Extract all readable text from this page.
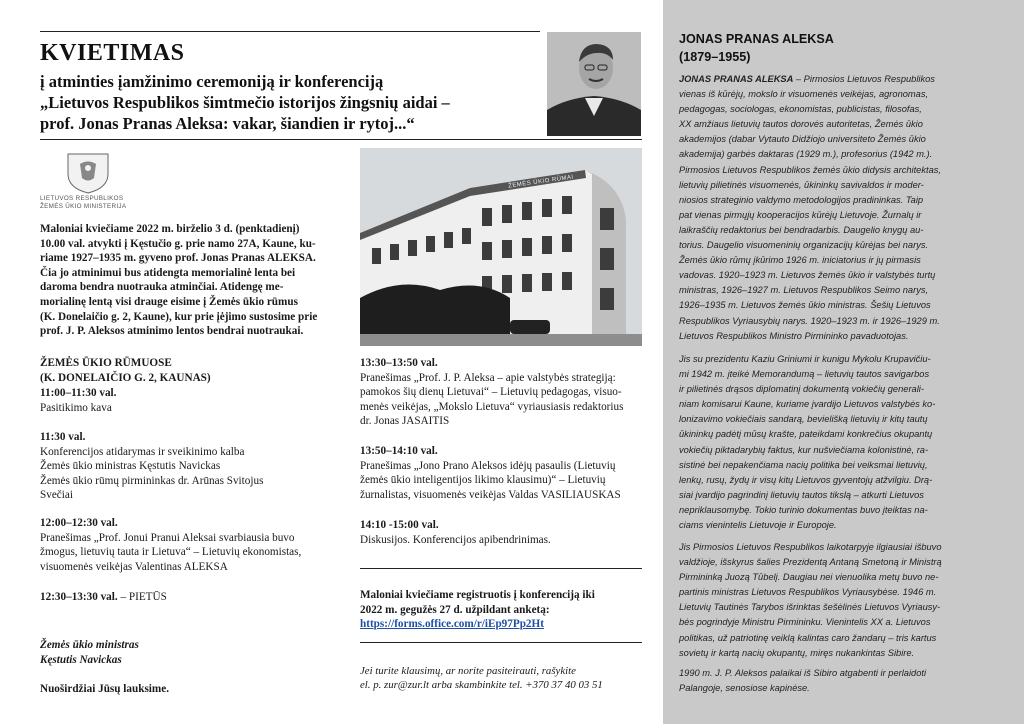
KVIETIMAS
į atminties įamžinimo ceremoniją ir konferenciją
„Lietuvos Respublikos šimtmečio istorijos žingsnių aidai –
prof. Jonas Pranas Aleksa: vakar, šiandien ir rytoj...“
LIETUVOS RESPUBLIKOS
ŽEMĖS ŪKIO MINISTERIJA
ŽEMĖS ŪKIO RŪMAI
Maloniai kviečiame 2022 m. birželio 3 d. (penktadienį)
10.00 val. atvykti į Kęstučio g. prie namo 27A, Kaune, ku-
riame 1927–1935 m. gyveno prof. Jonas Pranas ALEKSA.
Čia jo atminimui bus atidengta memorialinė lenta bei
daroma bendra nuotrauka atminčiai. Atidengę me-
morialinę lentą visi drauge eisime į Žemės ūkio rūmus
(K. Donelaičio g. 2, Kaune), kur prie įėjimo sustosime prie
prof. J. P. Aleksos atminimo lentos bendrai nuotraukai.
ŽEMĖS ŪKIO RŪMUOSE
(K. DONELAIČIO G. 2, KAUNAS)
11:00–11:30 val.
Pasitikimo kava
11:30 val.
Konferencijos atidarymas ir sveikinimo kalba
Žemės ūkio ministras Kęstutis Navickas
Žemės ūkio rūmų pirmininkas dr. Arūnas Svitojus
Svečiai
12:00–12:30 val.
Pranešimas „Prof. Jonui Pranui Aleksai svarbiausia buvo
žmogus, lietuvių tauta ir Lietuva“ – Lietuvių ekonomistas,
visuomenės veikėjas Valentinas ALEKSA
12:30–13:30 val. – PIETŪS
Žemės ūkio ministras
Kęstutis Navickas
Nuoširdžiai Jūsų lauksime.
13:30–13:50 val.
Pranešimas „Prof. J. P. Aleksa – apie valstybės strategiją:
pamokos šių dienų Lietuvai“ – Lietuvių pedagogas, visuo-
menės veikėjas, „Mokslo Lietuva“ vyriausiasis redaktorius
dr. Jonas JASAITIS
13:50–14:10 val.
Pranešimas „Jono Prano Aleksos idėjų pasaulis (Lietuvių
žemės ūkio inteligentijos likimo klausimu)“ – Lietuvių
žurnalistas, visuomenės veikėjas Valdas VASILIAUSKAS
14:10 -15:00 val.
Diskusijos. Konferencijos apibendrinimas.
Maloniai kviečiame registruotis į konferenciją iki
2022 m. gegužės 27 d. užpildant anketą:
https://forms.office.com/r/iEp97Pp2Ht
Jei turite klausimų, ar norite pasiteirauti, rašykite
el. p. zur@zur.lt arba skambinkite tel. +370 37 40 03 51
JONAS PRANAS ALEKSA
(1879–1955)
JONAS PRANAS ALEKSA – Pirmosios Lietuvos Respublikos
vienas iš kūrėjų, mokslo ir visuomenės veikėjas, agronomas,
pedagogas, sociologas, ekonomistas, publicistas, filosofas,
XX amžiaus lietuvių tautos dorovės autoritetas, Žemės ūkio
akademijos (dabar Vytauto Didžiojo universiteto Žemės ūkio
akademija) garbės daktaras (1929 m.), profesorius (1942 m.).
Pirmosios Lietuvos Respublikos žemės ūkio didysis architektas,
lietuvių pilietinės visuomenės, ūkininkų savivaldos ir moder-
niosios strateginio valdymo metodologijos pradininkas. Taip
pat vienas pirmųjų kooperacijos kūrėjų Lietuvoje. Žurnalų ir
laikraščių redaktorius bei bendradarbis. Daugelio knygų au-
torius. Daugelio visuomeninių organizacijų kūrėjas bei narys.
Žemės ūkio rūmų įkūrimo 1926 m. iniciatorius ir jų pirmasis
vadovas. 1920–1923 m. Lietuvos žemės ūkio ir valstybės turtų
ministras, 1926–1927 m. Lietuvos Respublikos Seimo narys,
1926–1935 m. Lietuvos žemės ūkio ministras. Šešių Lietuvos
Respublikos Vyriausybių narys. 1920–1923 m. ir 1926–1929 m.
Lietuvos Respublikos Ministro Pirmininko pavaduotojas.
Jis su prezidentu Kaziu Griniumi ir kunigu Mykolu Krupavičiu-
mi 1942 m. įteikė Memorandumą – lietuvių tautos savigarbos
ir pilietinės drąsos diplomatinį dokumentą vokiečių generali-
niam komisarui Kaune, kuriame įvardijo Lietuvos valstybės ko-
lonizavimo vokiečiais sandarą, bevielišką lietuvių ir kitų tautų
ūkininkų padėtį mūsų krašte, pateikdami konkrečius okupantų
vokiečių piktadarybių faktus, kur nušviečiama kolonistinė, ra-
sistinė bei nepakenčiama nacių politika bei veiksmai lietuvių,
lenkų, rusų, žydų ir visų kitų Lietuvos gyventojų atžvilgiu. Drą-
siai įvardijo pagrindinį lietuvių tautos tikslą – atkurti Lietuvos
nepriklausomybę. Tokio turinio dokumentas buvo įteiktas na-
ciams vienintelis Lietuvoje ir Europoje.
Jis Pirmosios Lietuvos Respublikos laikotarpyje ilgiausiai išbuvo
valdžioje, išskyrus šalies Prezidentą Antaną Smetoną ir Ministrą
Pirmininką Juozą Tūbelį. Daugiau nei vienuolika metų buvo ne-
partinis ministras Lietuvos Respublikos Vyriausybėse. 1946 m.
Lietuvių Tautinės Tarybos išrinktas šešėlinės Lietuvos Vyriausy-
bės pogrindyje Ministru Pirmininku. Vienintelis XX a. Lietuvos
politikas, už patriotinę veiklą kalintas caro žandarų – tris kartus
sovietų ir kartą nacių okupantų, miręs nukankintas Sibire.
1990 m. J. P. Aleksos palaikai iš Sibiro atgabenti ir perlaidoti
Palangoje, senosiose kapinėse.
